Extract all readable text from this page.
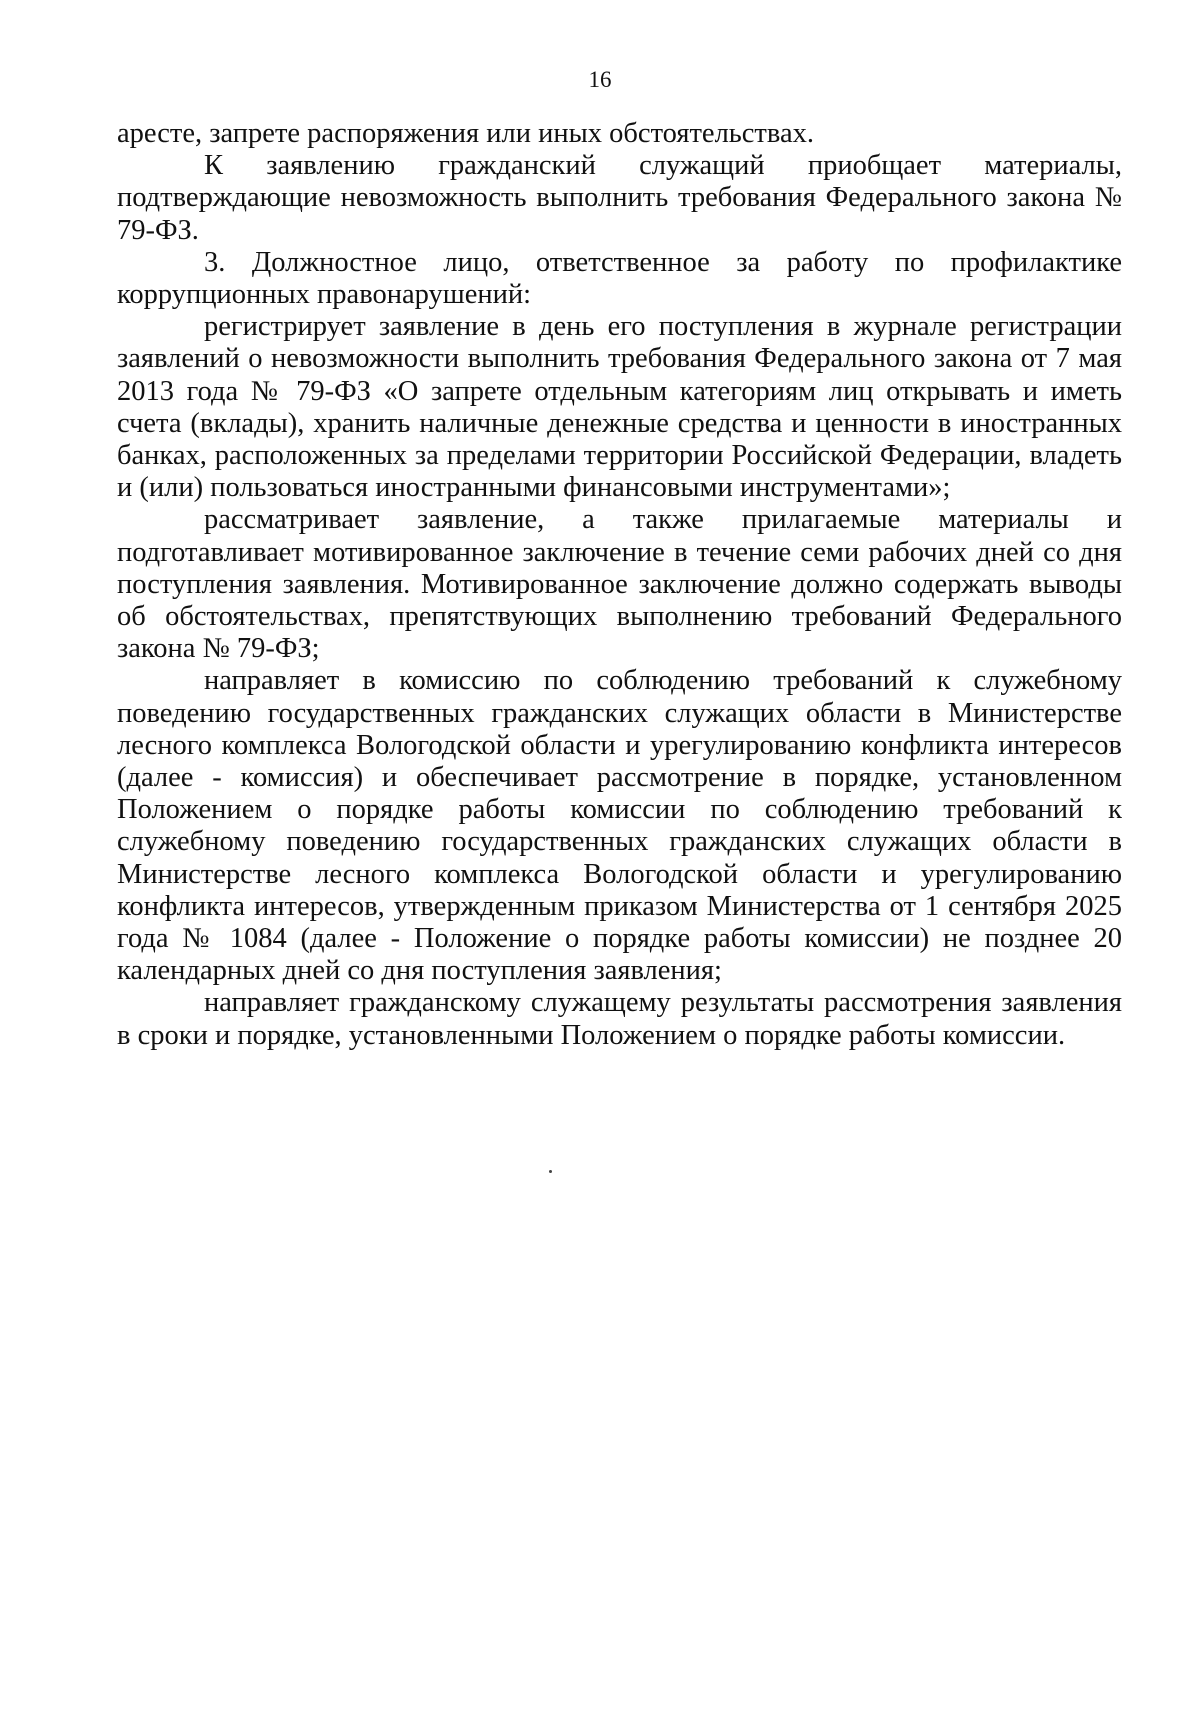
16

аресте, запрете распоряжения или иных обстоятельствах.

К заявлению гражданский служащий приобщает материалы, подтверждающие невозможность выполнить требования Федерального закона № 79-ФЗ.

3. Должностное лицо, ответственное за работу по профилактике коррупционных правонарушений:

регистрирует заявление в день его поступления в журнале регистрации заявлений о невозможности выполнить требования Федерального закона от 7 мая 2013 года № 79-ФЗ «О запрете отдельным категориям лиц открывать и иметь счета (вклады), хранить наличные денежные средства и ценности в иностранных банках, расположенных за пределами территории Российской Федерации, владеть и (или) пользоваться иностранными финансовыми инструментами»;

рассматривает заявление, а также прилагаемые материалы и подготавливает мотивированное заключение в течение семи рабочих дней со дня поступления заявления. Мотивированное заключение должно содержать выводы об обстоятельствах, препятствующих выполнению требований Федерального закона № 79-ФЗ;

направляет в комиссию по соблюдению требований к служебному поведению государственных гражданских служащих области в Министерстве лесного комплекса Вологодской области и урегулированию конфликта интересов (далее - комиссия) и обеспечивает рассмотрение в порядке, установленном Положением о порядке работы комиссии по соблюдению требований к служебному поведению государственных гражданских служащих области в Министерстве лесного комплекса Вологодской области и урегулированию конфликта интересов, утвержденным приказом Министерства от 1 сентября 2025 года № 1084 (далее - Положение о порядке работы комиссии) не позднее 20 календарных дней со дня поступления заявления;

направляет гражданскому служащему результаты рассмотрения заявления в сроки и порядке, установленными Положением о порядке работы комиссии.
